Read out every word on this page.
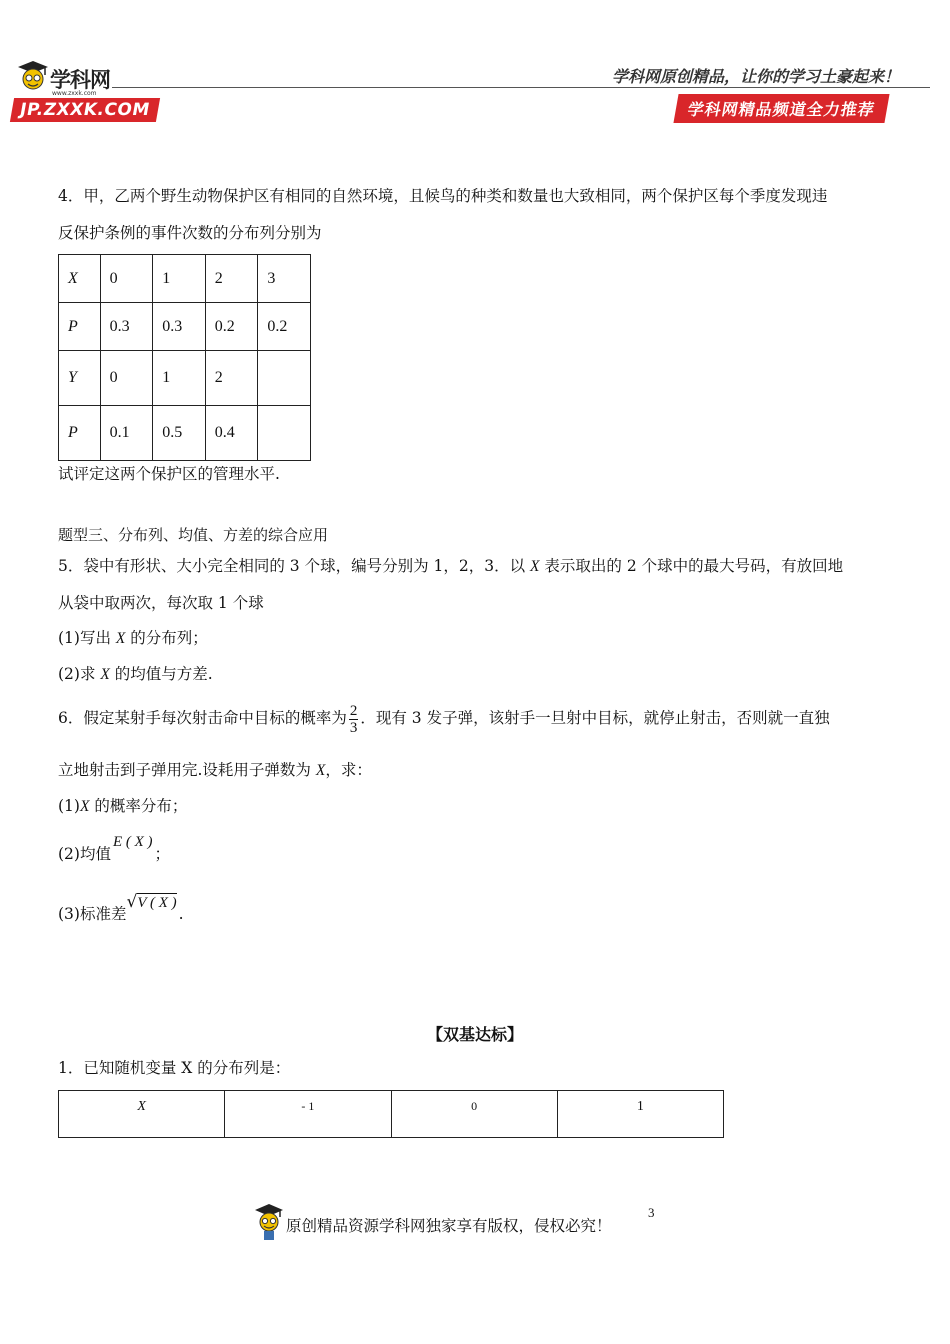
学科网
www.zxxk.com
JP.ZXXK.COM
学科网原创精品，让你的学习土豪起来！
学科网精品频道全力推荐
4．甲，乙两个野生动物保护区有相同的自然环境，且候鸟的种类和数量也大致相同，两个保护区每个季度发现违
反保护条例的事件次数的分布列分别为
X	0	1	2	3
P	0.3	0.3	0.2	0.2
Y	0	1	2	
P	0.1	0.5	0.4	
试评定这两个保护区的管理水平.
题型三、分布列、均值、方差的综合应用
5．袋中有形状、大小完全相同的 3 个球，编号分别为 1，2，3．以 X 表示取出的 2 个球中的最大号码，有放回地
从袋中取两次，每次取 1 个球
(1)写出 X 的分布列；
(2)求 X 的均值与方差.
6．假定某射手每次射击命中目标的概率为 $\frac{2}{3}$ ．现有 3 发子弹，该射手一旦射中目标，就停止射击，否则就一直独
立地射击到子弹用完.设耗用子弹数为 X，求：
(1)X 的概率分布；
(2)均值E ( X )；
(3)标准差√V ( X ).
【双基达标】
1．已知随机变量 X 的分布列是：
X	- 1	0	1
原创精品资源学科网独家享有版权，侵权必究！
3
